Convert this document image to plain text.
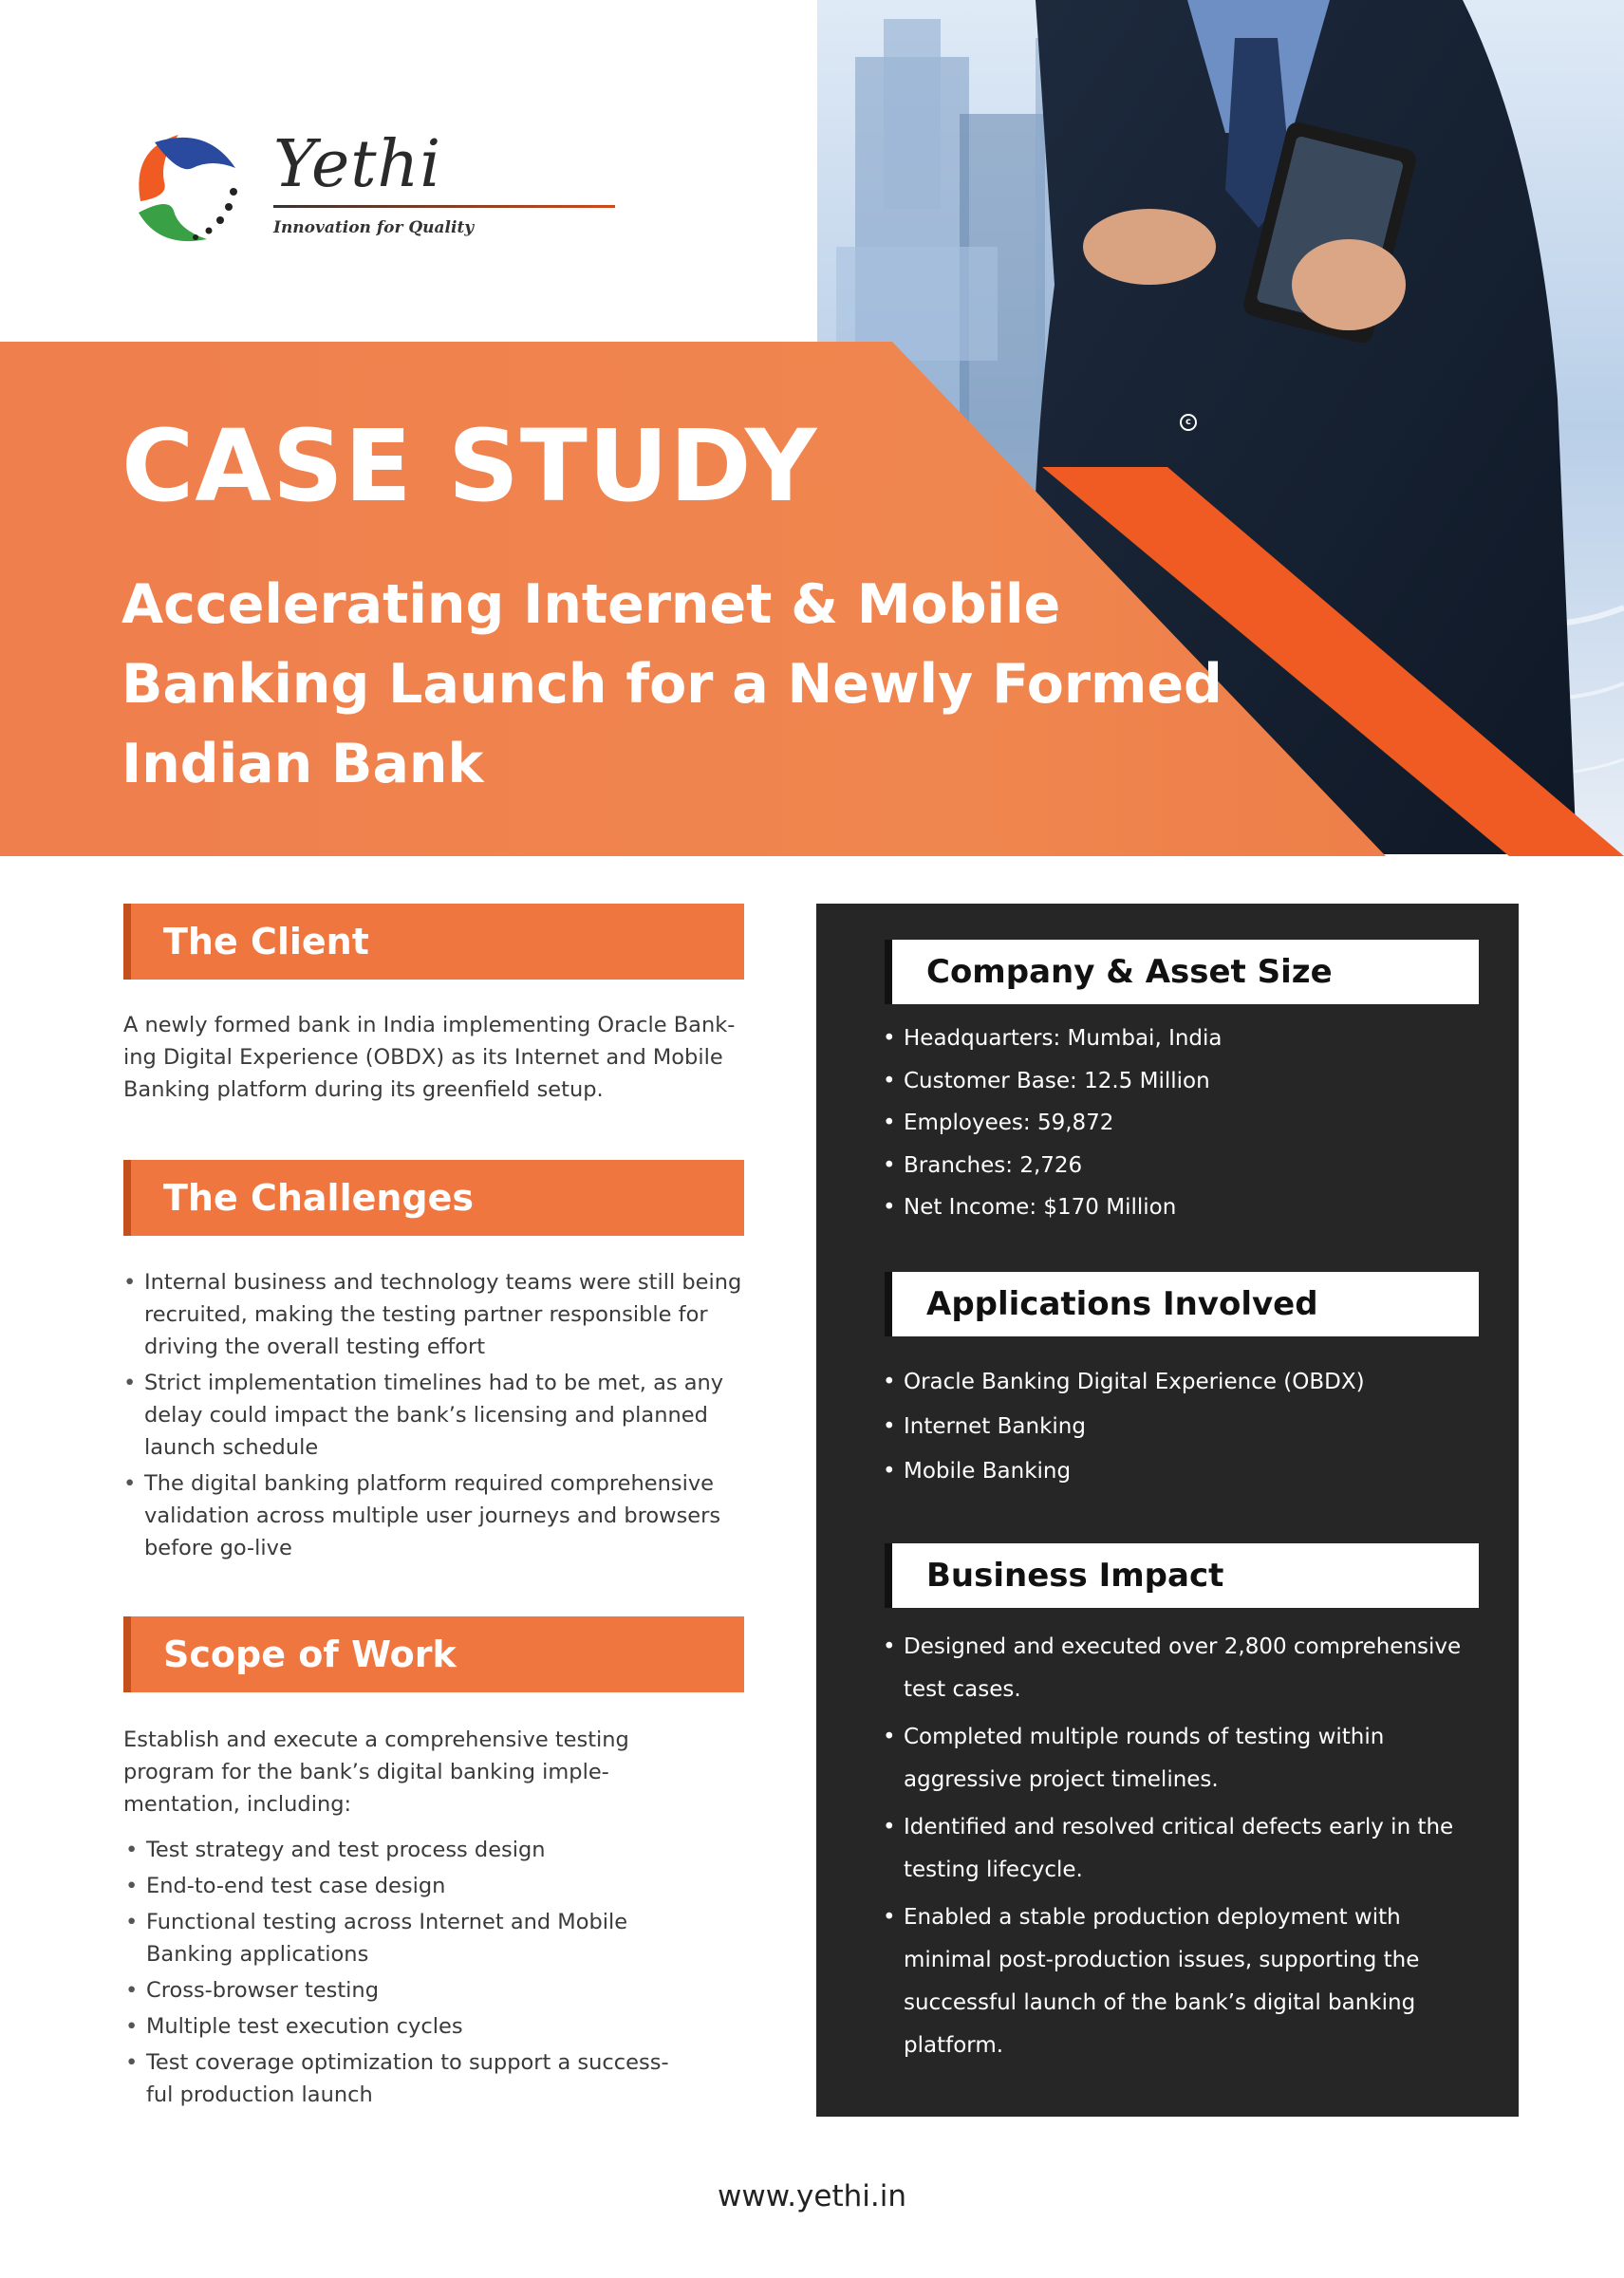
c
Yethi
Innovation for Quality
CASE STUDY
Accelerating Internet & Mobile
Banking Launch for a Newly Formed
Indian Bank
The Client
A newly formed bank in India implementing Oracle Bank-
ing Digital Experience (OBDX) as its Internet and Mobile
Banking platform during its greenfield setup.
The Challenges
• Internal business and technology teams were still being
recruited, making the testing partner responsible for
driving the overall testing effort
• Strict implementation timelines had to be met, as any
delay could impact the bank’s licensing and planned
launch schedule
• The digital banking platform required comprehensive
validation across multiple user journeys and browsers
before go-live
Scope of Work
Establish and execute a comprehensive testing
program for the bank’s digital banking imple-
mentation, including:
• Test strategy and test process design
• End-to-end test case design
• Functional testing across Internet and Mobile
Banking applications
• Cross-browser testing
• Multiple test execution cycles
• Test coverage optimization to support a success-
ful production launch
Company & Asset Size
• Headquarters: Mumbai, India
• Customer Base: 12.5 Million
• Employees: 59,872
• Branches: 2,726
• Net Income: $170 Million
Applications Involved
• Oracle Banking Digital Experience (OBDX)
• Internet Banking
• Mobile Banking
Business Impact
• Designed and executed over 2,800 comprehensive
test cases.
• Completed multiple rounds of testing within
aggressive project timelines.
• Identified and resolved critical defects early in the
testing lifecycle.
• Enabled a stable production deployment with
minimal post-production issues, supporting the
successful launch of the bank’s digital banking
platform.
www.yethi.in
